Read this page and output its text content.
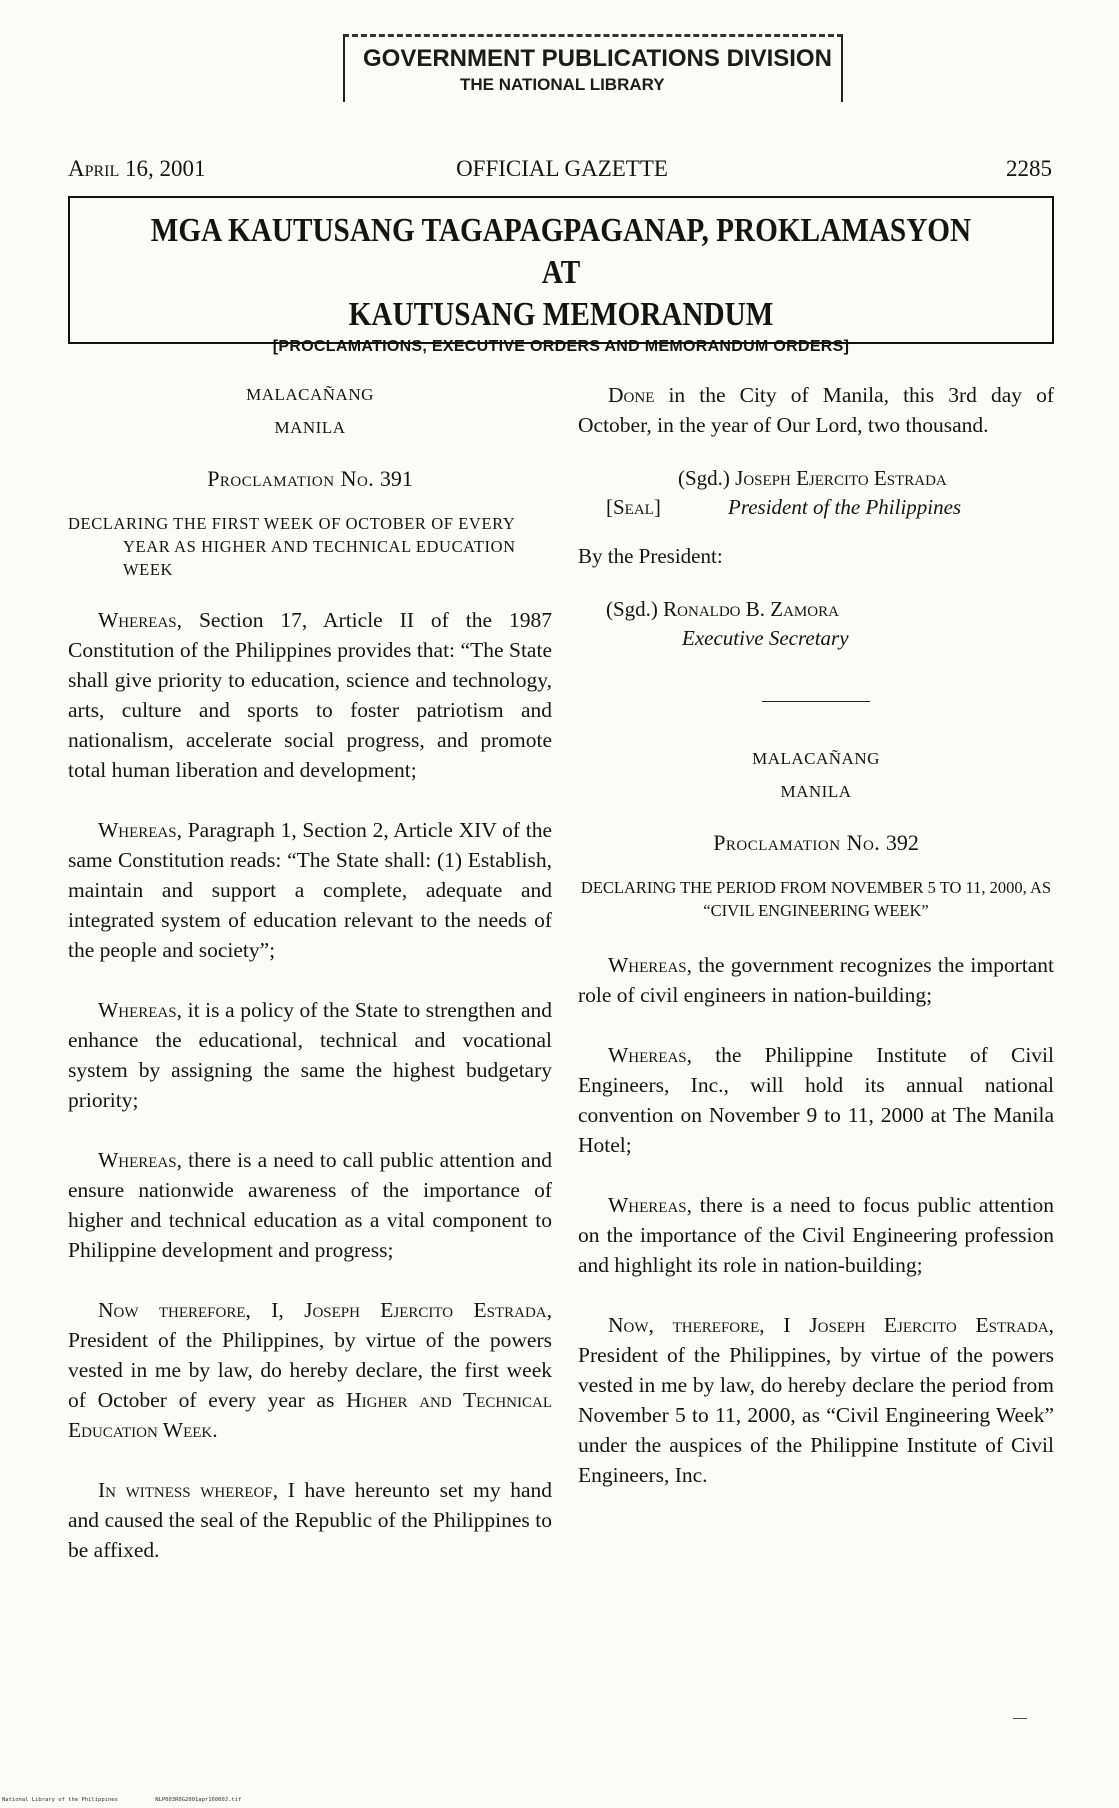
GOVERNMENT PUBLICATIONS DIVISION
THE NATIONAL LIBRARY
April 16, 2001	OFFICIAL GAZETTE	2285
MGA KAUTUSANG TAGAPAGPAGANAP, PROKLAMASYON AT
KAUTUSANG MEMORANDUM
[PROCLAMATIONS, EXECUTIVE ORDERS AND MEMORANDUM ORDERS]
MALACAÑANG
MANILA
Proclamation No. 391
DECLARING THE FIRST WEEK OF OCTOBER OF EVERY YEAR AS HIGHER AND TECHNICAL EDUCATION WEEK

Whereas, Section 17, Article II of the 1987 Constitution of the Philippines provides that: “The State shall give priority to education, science and technology, arts, culture and sports to foster patriotism and nationalism, accelerate social progress, and promote total human liberation and development;

Whereas, Paragraph 1, Section 2, Article XIV of the same Constitution reads: “The State shall: (1) Establish, maintain and support a complete, adequate and integrated system of education relevant to the needs of the people and society”;

Whereas, it is a policy of the State to strengthen and enhance the educational, technical and vocational system by assigning the same the highest budgetary priority;

Whereas, there is a need to call public attention and ensure nationwide awareness of the importance of higher and technical education as a vital component to Philippine development and progress;

Now therefore, I, Joseph Ejercito Estrada, President of the Philippines, by virtue of the powers vested in me by law, do hereby declare, the first week of October of every year as Higher and Technical Education Week.

In witness whereof, I have hereunto set my hand and caused the seal of the Republic of the Philippines to be affixed.

Done in the City of Manila, this 3rd day of October, in the year of Our Lord, two thousand.

(Sgd.) Joseph Ejercito Estrada
[Seal]	President of the Philippines
By the President:
(Sgd.) Ronaldo B. Zamora
Executive Secretary
MALACAÑANG
MANILA
Proclamation No. 392
DECLARING THE PERIOD FROM NOVEMBER 5 TO 11, 2000, AS “CIVIL ENGINEERING WEEK”

Whereas, the government recognizes the important role of civil engineers in nation-building;

Whereas, the Philippine Institute of Civil Engineers, Inc., will hold its annual national convention on November 9 to 11, 2000 at The Manila Hotel;

Whereas, there is a need to focus public attention on the importance of the Civil Engineering profession and highlight its role in nation-building;

Now, therefore, I Joseph Ejercito Estrada, President of the Philippines, by virtue of the powers vested in me by law, do hereby declare the period from November 5 to 11, 2000, as “Civil Engineering Week” under the auspices of the Philippine Institute of Civil Engineers, Inc.

National Library of the Philippines	NLP003R0G2001apr16000J.tif
